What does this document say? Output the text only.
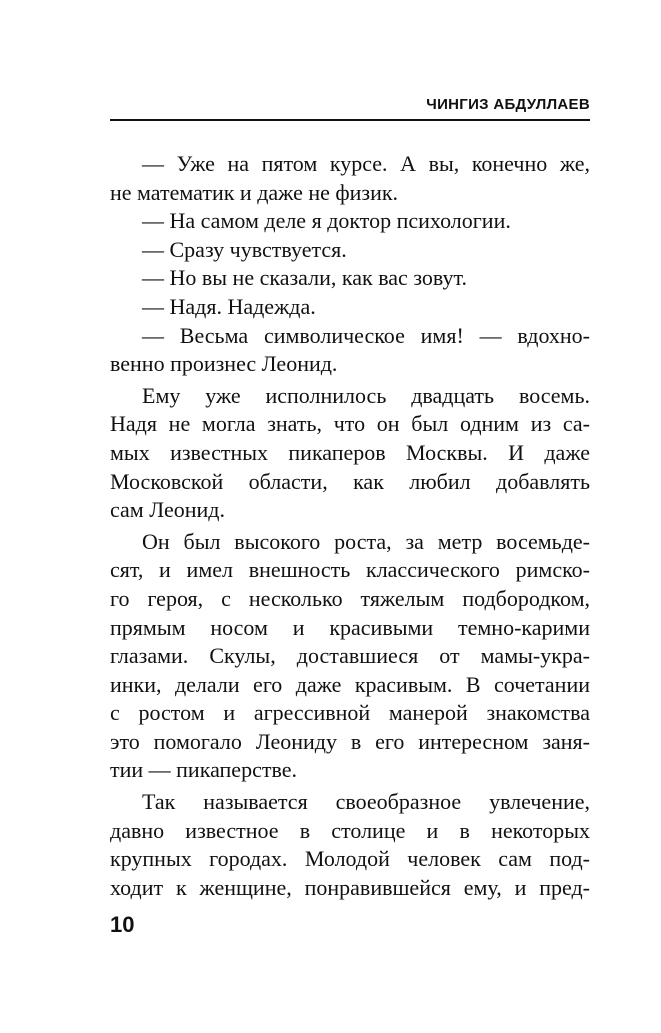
ЧИНГИЗ АБДУЛЛАЕВ
— Уже на пятом курсе. А вы, конечно же,
не математик и даже не физик.
— На самом деле я доктор психологии.
— Сразу чувствуется.
— Но вы не сказали, как вас зовут.
— Надя. Надежда.
— Весьма символическое имя! — вдохно-
венно произнес Леонид.
Ему уже исполнилось двадцать восемь.
Надя не могла знать, что он был одним из са-
мых известных пикаперов Москвы. И даже
Московской области, как любил добавлять
сам Леонид.
Он был высокого роста, за метр восемьде-
сят, и имел внешность классического римско-
го героя, с несколько тяжелым подбородком,
прямым носом и красивыми темно-карими
глазами. Скулы, доставшиеся от мамы-укра-
инки, делали его даже красивым. В сочетании
с ростом и агрессивной манерой знакомства
это помогало Леониду в его интересном заня-
тии — пикаперстве.
Так называется своеобразное увлечение,
давно известное в столице и в некоторых
крупных городах. Молодой человек сам под-
ходит к женщине, понравившейся ему, и пред-
10
